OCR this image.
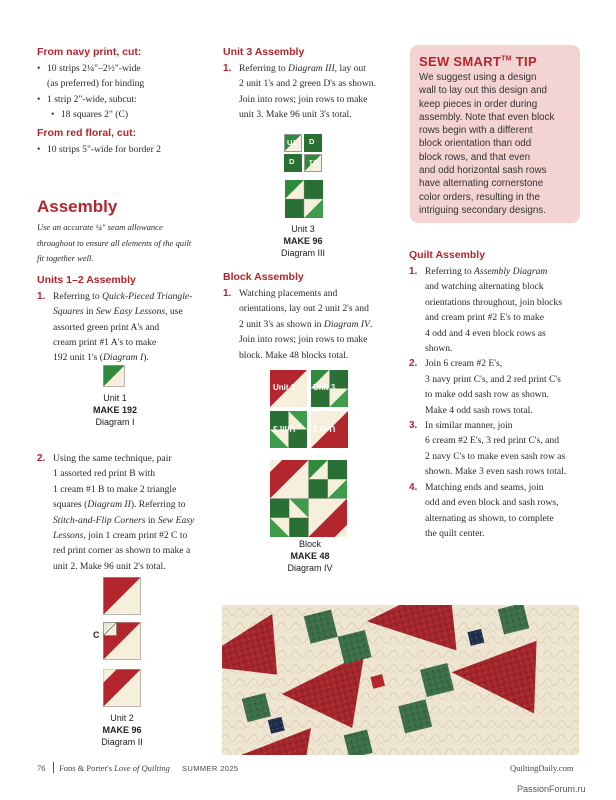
From navy print, cut:
• 10 strips 2¼"–2½"-wide
(as preferred) for binding
• 1 strip 2"-wide, subcut:
• 18 squares 2" (C)
From red floral, cut:
• 10 strips 5"-wide for border 2
Assembly
Use an accurate ¼" seam allowance
throughout to ensure all elements of the quilt
fit together well.
Units 1–2 Assembly
1. Referring to Quick-Pieced Triangle-
Squares in Sew Easy Lessons, use
assorted green print A's and
cream print #1 A's to make
192 unit 1's (Diagram I).
Unit 1
MAKE 192
Diagram I
2. Using the same technique, pair
1 assorted red print B with
1 cream #1 B to make 2 triangle
squares (Diagram II). Referring to
Stitch-and-Flip Corners in Sew Easy
Lessons, join 1 cream print #2 C to
red print corner as shown to make a
unit 2. Make 96 unit 2's total.
C
Unit 2
MAKE 96
Diagram II
Unit 3 Assembly
1. Referring to Diagram III, lay out
2 unit 1's and 2 green D's as shown.
Join into rows; join rows to make
unit 3. Make 96 unit 3's total.
U1 D
D U1
Unit 3
MAKE 96
Diagram III
Block Assembly
1. Watching placements and
orientations, lay out 2 unit 2's and
2 unit 3's as shown in Diagram IV.
Join into rows; join rows to make
block. Make 48 blocks total.
Unit 2 Unit 3
Unit 3 Unit 2
Block
MAKE 48
Diagram IV
SEW SMART™ TIP
We suggest using a design
wall to lay out this design and
keep pieces in order during
assembly. Note that even block
rows begin with a different
block orientation than odd
block rows, and that even
and odd horizontal sash rows
have alternating cornerstone
color orders, resulting in the
intriguing secondary designs.
Quilt Assembly
1. Referring to Assembly Diagram
and watching alternating block
orientations throughout, join blocks
and cream print #2 E's to make
4 odd and 4 even block rows as
shown.
2. Join 6 cream #2 E's,
3 navy print C's, and 2 red print C's
to make odd sash row as shown.
Make 4 odd sash rows total.
3. In similar manner, join
6 cream #2 E's, 3 red print C's, and
2 navy C's to make even sash row as
shown. Make 3 even sash rows total.
4. Matching ends and seams, join
odd and even block and sash rows,
alternating as shown, to complete
the quilt center.
76 Fons & Porter's Love of Quilting SUMMER 2025	QuiltingDaily.com
PassionForum.ru
